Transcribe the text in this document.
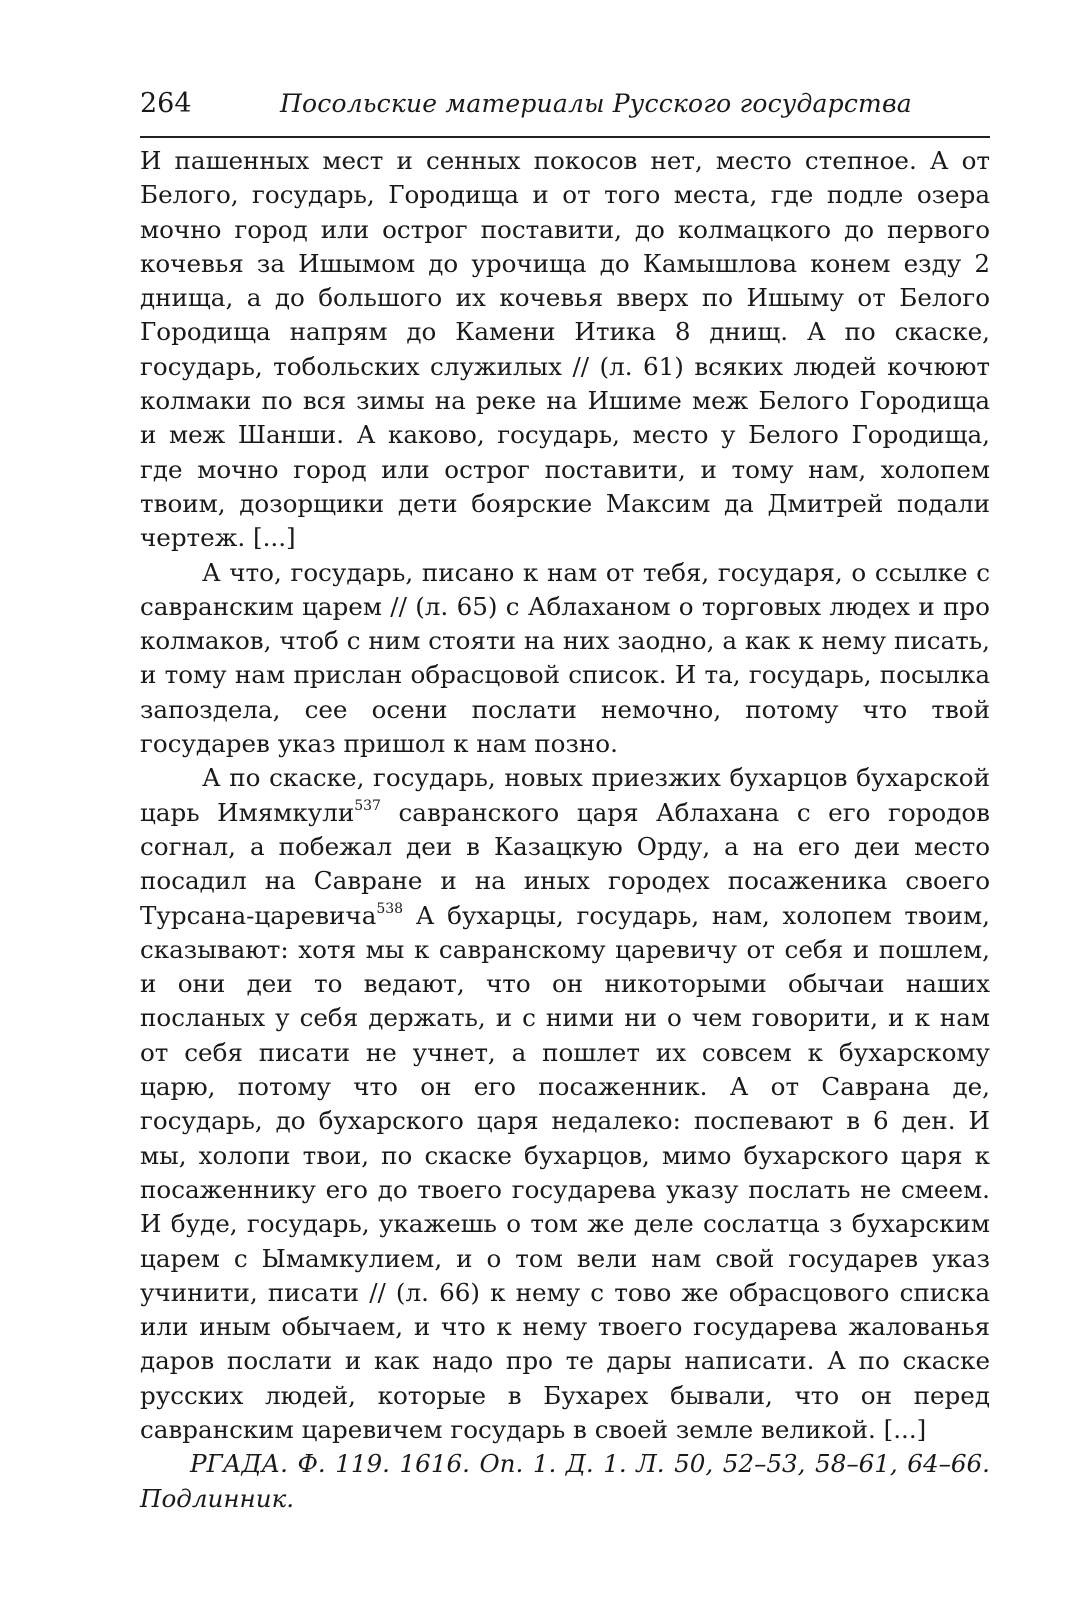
264	Посольские материалы Русского государства

И пашенных мест и сенных покосов нет, место степное. А от Белого, государь, Городища и от того места, где подле озера мочно город или острог поставити, до колмацкого до первого кочевья за Ишымом до урочища до Камышлова конем езду 2 днища, а до большого их кочевья вверх по Ишыму от Белого Городища напрям до Камени Итика 8 днищ. А по скаске, государь, тобольских служилых // (л. 61) всяких людей кочюют колмаки по вся зимы на реке на Ишиме меж Белого Городища и меж Шанши. А каково, государь, место у Белого Городища, где мочно город или острог поставити, и тому нам, холопем твоим, дозорщики дети боярские Максим да Дмитрей подали чертеж. [...]

А что, государь, писано к нам от тебя, государя, о ссылке с савранским царем // (л. 65) с Аблаханом о торговых людех и про колмаков, чтоб с ним стояти на них заодно, а как к нему писать, и тому нам прислан обрасцовой список. И та, государь, посылка запоздела, сее осени послати немочно, потому что твой государев указ пришол к нам позно.

А по скаске, государь, новых приезжих бухарцов бухарской царь Имямкули$^{537}$ савранского царя Аблахана с его городов согнал, а побежал деи в Казацкую Орду, а на его деи место посадил на Савране и на иных городех посаженика своего Турсана-царевича$^{538}$ А бухарцы, государь, нам, холопем твоим, сказывают: хотя мы к савранскому царевичу от себя и пошлем, и они деи то ведают, что он никоторыми обычаи наших посланых у себя держать, и с ними ни о чем говорити, и к нам от себя писати не учнет, а пошлет их совсем к бухарскому царю, потому что он его посаженник. А от Саврана де, государь, до бухарского царя недалеко: поспевают в 6 ден. И мы, холопи твои, по скаске бухарцов, мимо бухарского царя к посаженнику его до твоего государева указу послать не смеем. И буде, государь, укажешь о том же деле сослатца з бухарским царем с Ымамкулием, и о том вели нам свой государев указ учинити, писати // (л. 66) к нему с тово же обрасцового списка или иным обычаем, и что к нему твоего государева жалованья даров послати и как надо про те дары написати. А по скаске русских людей, которые в Бухарех бывали, что он перед савранским царевичем государь в своей земле великой. [...]

РГАДА. Ф. 119. 1616. Оп. 1. Д. 1. Л. 50, 52–53, 58–61, 64–66. Подлинник.
